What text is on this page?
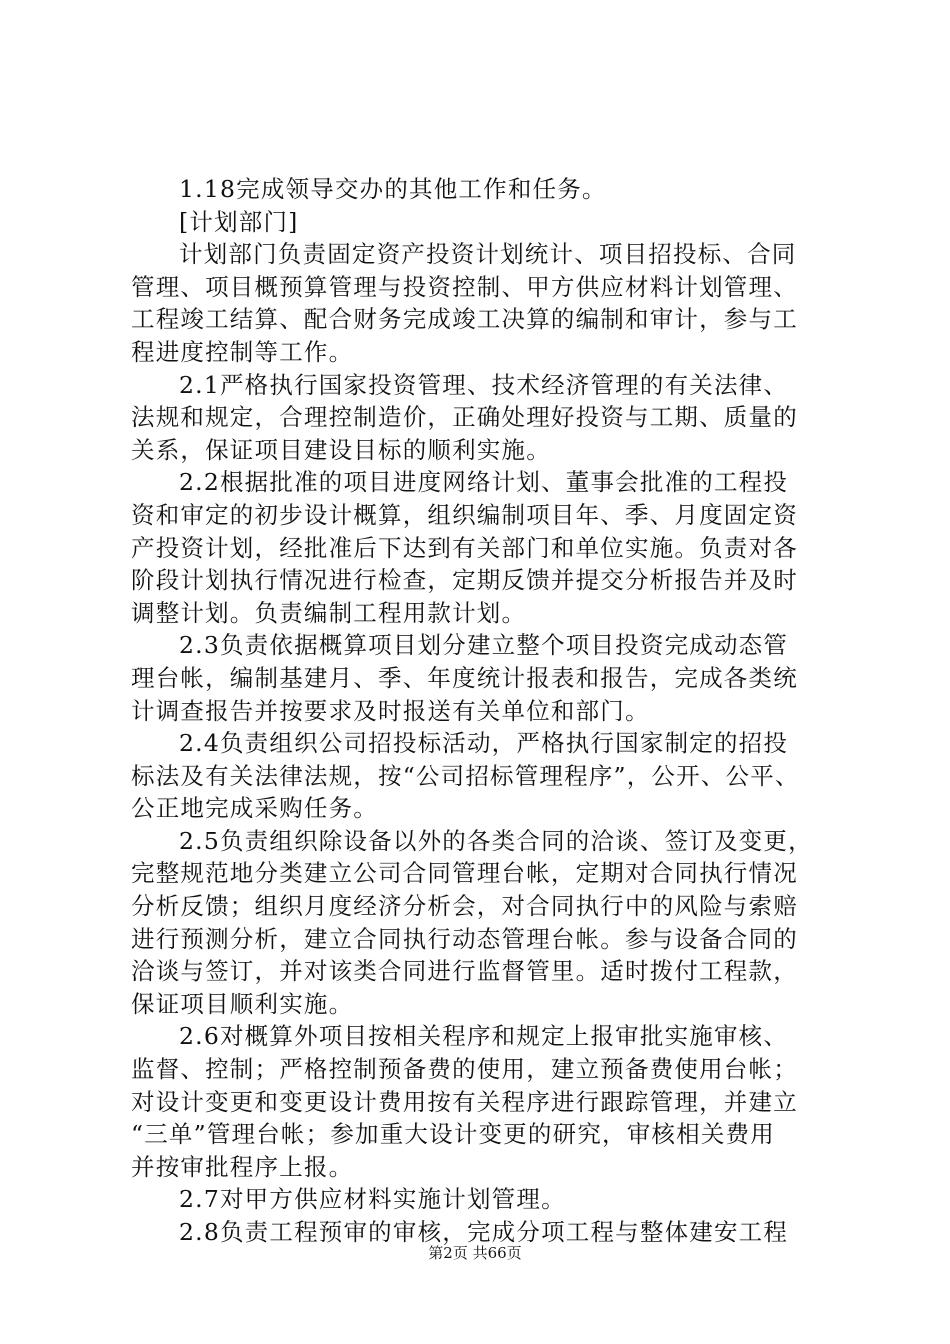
1.18完成领导交办的其他工作和任务。
[计划部门]
计划部门负责固定资产投资计划统计、项目招投标、合同
管理、项目概预算管理与投资控制、甲方供应材料计划管理、
工程竣工结算、配合财务完成竣工决算的编制和审计，参与工
程进度控制等工作。
2.1严格执行国家投资管理、技术经济管理的有关法律、
法规和规定，合理控制造价，正确处理好投资与工期、质量的
关系，保证项目建设目标的顺利实施。
2.2根据批准的项目进度网络计划、董事会批准的工程投
资和审定的初步设计概算，组织编制项目年、季、月度固定资
产投资计划，经批准后下达到有关部门和单位实施。负责对各
阶段计划执行情况进行检查，定期反馈并提交分析报告并及时
调整计划。负责编制工程用款计划。
2.3负责依据概算项目划分建立整个项目投资完成动态管
理台帐，编制基建月、季、年度统计报表和报告，完成各类统
计调查报告并按要求及时报送有关单位和部门。
2.4负责组织公司招投标活动，严格执行国家制定的招投
标法及有关法律法规，按“公司招标管理程序”，公开、公平、
公正地完成采购任务。
2.5负责组织除设备以外的各类合同的洽谈、签订及变更，
完整规范地分类建立公司合同管理台帐，定期对合同执行情况
分析反馈；组织月度经济分析会，对合同执行中的风险与索赔
进行预测分析，建立合同执行动态管理台帐。参与设备合同的
洽谈与签订，并对该类合同进行监督管里。适时拨付工程款，
保证项目顺利实施。
2.6对概算外项目按相关程序和规定上报审批实施审核、
监督、控制；严格控制预备费的使用，建立预备费使用台帐；
对设计变更和变更设计费用按有关程序进行跟踪管理，并建立
“三单”管理台帐；参加重大设计变更的研究，审核相关费用
并按审批程序上报。
2.7对甲方供应材料实施计划管理。
2.8负责工程预审的审核，完成分项工程与整体建安工程
第2页 共66页
